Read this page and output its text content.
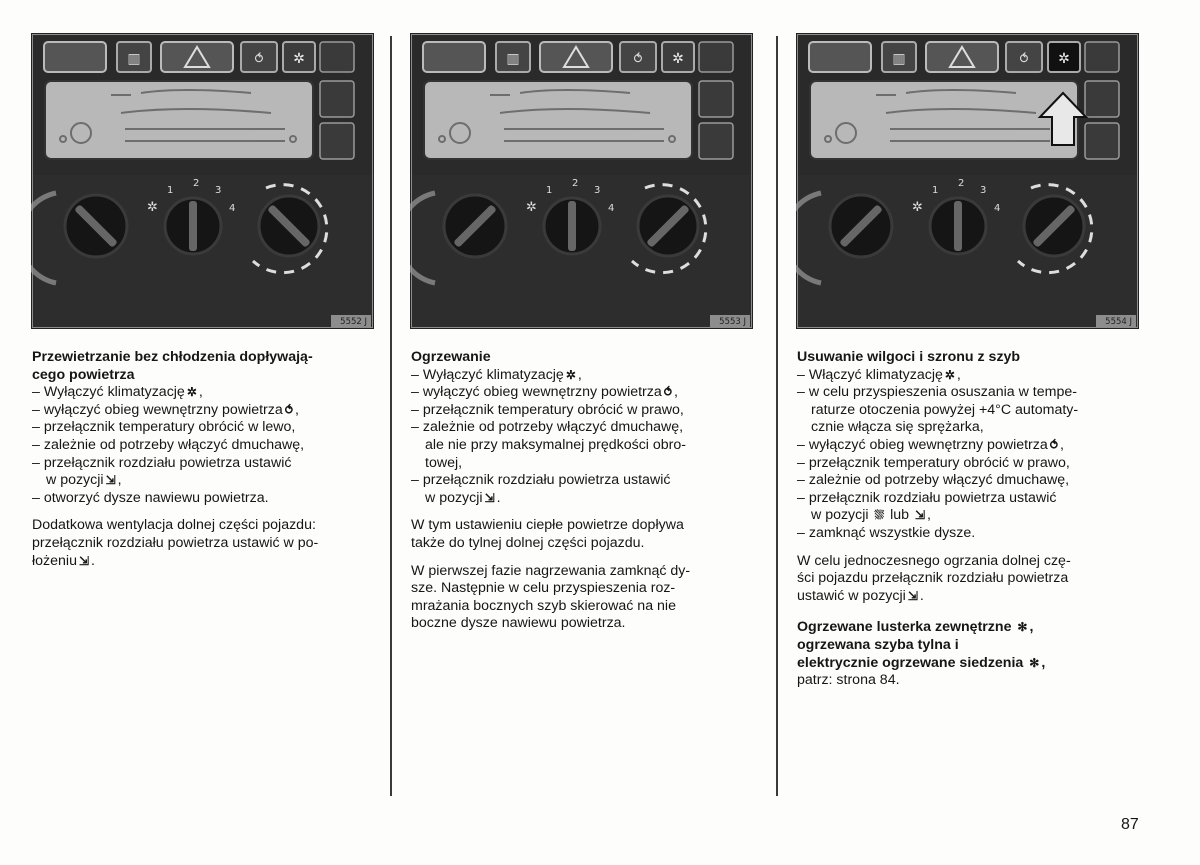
▥	⥀ ✲
✲
1
2
3
4
5552 J
▥	⥀ ✲
✲
1
2
3
4
5553 J
▥	⥀ ✲
✲
1
2
3
4
5554 J
Przewietrzanie bez chłodzenia dopływają-
cego powietrza
– Wyłączyć klimatyzację ✲ ,
– wyłączyć obieg wewnętrzny powietrza ⥀ ,
– przełącznik temperatury obrócić w lewo,
– zależnie od potrzeby włączyć dmuchawę,
– przełącznik rozdziału powietrza ustawić
w pozycji ⇲ ,
– otworzyć dysze nawiewu powietrza.
Dodatkowa wentylacja dolnej części pojazdu:
przełącznik rozdziału powietrza ustawić w po-
łożeniu ⇲ .
Ogrzewanie
– Wyłączyć klimatyzację ✲ ,
– wyłączyć obieg wewnętrzny powietrza ⥀ ,
– przełącznik temperatury obrócić w prawo,
– zależnie od potrzeby włączyć dmuchawę,
ale nie przy maksymalnej prędkości obro-
towej,
– przełącznik rozdziału powietrza ustawić
w pozycji ⇲ .

W tym ustawieniu ciepłe powietrze dopływa
także do tylnej dolnej części pojazdu.

W pierwszej fazie nagrzewania zamknąć dy-
sze. Następnie w celu przyspieszenia roz-
mrażania bocznych szyb skierować na nie
boczne dysze nawiewu powietrza.

Usuwanie wilgoci i szronu z szyb
– Włączyć klimatyzację ✲ ,
– w celu przyspieszenia osuszania w tempe-
raturze otoczenia powyżej +4°C automaty-
cznie włącza się sprężarka,
– wyłączyć obieg wewnętrzny powietrza ⥀ ,
– przełącznik temperatury obrócić w prawo,
– zależnie od potrzeby włączyć dmuchawę,
– przełącznik rozdziału powietrza ustawić
w pozycji ⛆ lub ⇲ ,
– zamknąć wszystkie dysze.

W celu jednoczesnego ogrzania dolnej czę-
ści pojazdu przełącznik rozdziału powietrza
ustawić w pozycji ⇲ .

Ogrzewane lusterka zewnętrzne ✻ ,
ogrzewana szyba tylna i
elektrycznie ogrzewane siedzenia ✻ ,
patrz: strona 84.
87
